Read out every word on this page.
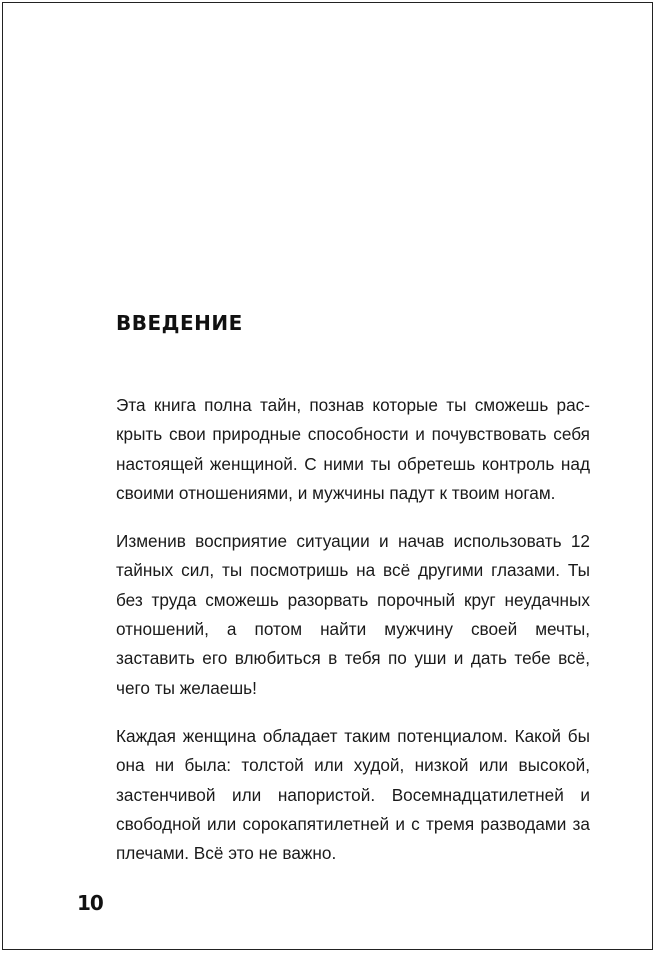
ВВЕДЕНИЕ

Эта книга полна тайн, познав которые ты сможешь раскрыть свои природные способности и почувствовать себя настоящей женщиной. С ними ты обретешь контроль над своими отношениями, и мужчины падут к твоим ногам.

Изменив восприятие ситуации и начав использовать 12 тайных сил, ты посмотришь на всё другими глазами. Ты без труда сможешь разорвать порочный круг неудачных отношений, а потом найти мужчину своей мечты, заставить его влюбиться в тебя по уши и дать тебе всё, чего ты желаешь!

Каждая женщина обладает таким потенциалом. Какой бы она ни была: толстой или худой, низкой или высокой, застенчивой или напористой. Восемнадцатилетней и свободной или сорокапятилетней и с тремя разводaми за плечами. Всё это не важно.

10
